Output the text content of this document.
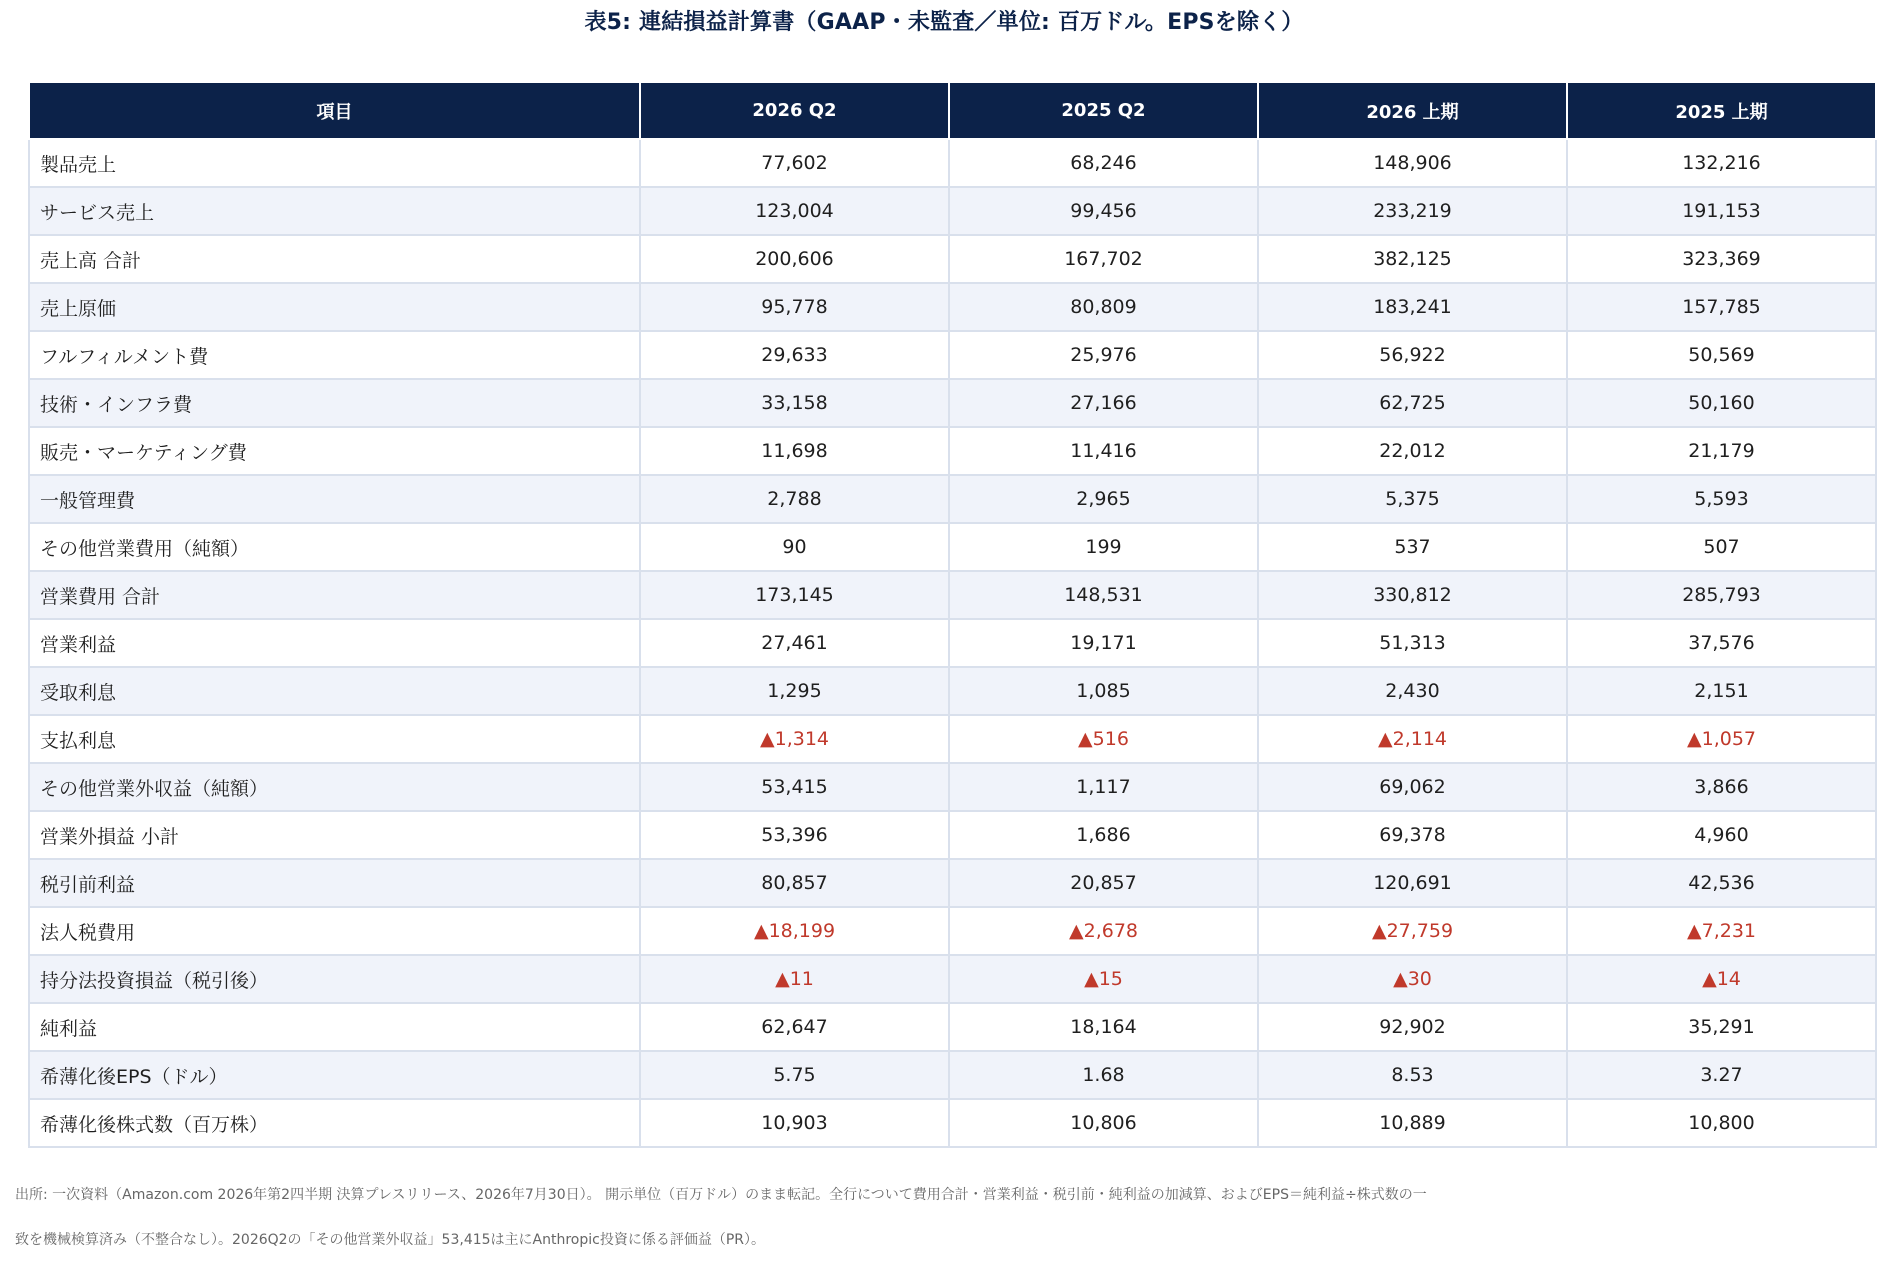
表5: 連結損益計算書（GAAP・未監査／単位: 百万ドル。EPSを除く）
項目	2026 Q2	2025 Q2	2026 上期	2025 上期
製品売上	77,602	68,246	148,906	132,216
サービス売上	123,004	99,456	233,219	191,153
売上高 合計	200,606	167,702	382,125	323,369
売上原価	95,778	80,809	183,241	157,785
フルフィルメント費	29,633	25,976	56,922	50,569
技術・インフラ費	33,158	27,166	62,725	50,160
販売・マーケティング費	11,698	11,416	22,012	21,179
一般管理費	2,788	2,965	5,375	5,593
その他営業費用（純額）	90	199	537	507
営業費用 合計	173,145	148,531	330,812	285,793
営業利益	27,461	19,171	51,313	37,576
受取利息	1,295	1,085	2,430	2,151
支払利息	▲ 1,314	▲ 516	▲ 2,114	▲ 1,057
その他営業外収益（純額）	53,415	1,117	69,062	3,866
営業外損益 小計	53,396	1,686	69,378	4,960
税引前利益	80,857	20,857	120,691	42,536
法人税費用	▲ 18,199	▲ 2,678	▲ 27,759	▲ 7,231
持分法投資損益（税引後）	▲ 11	▲ 15	▲ 30	▲ 14
純利益	62,647	18,164	92,902	35,291
希薄化後EPS（ドル）	5.75	1.68	8.53	3.27
希薄化後株式数（百万株）	10,903	10,806	10,889	10,800
出所: 一次資料（Amazon.com 2026年第2四半期 決算プレスリリース、2026年7月30日）。 開示単位（百万ドル）のまま転記。全行について費用合計・営業利益・税引前・純利益の加減算、およびEPS＝純利益÷株式数の一
致を機械検算済み（不整合なし）。2026Q2の「その他営業外収益」53,415は主にAnthropic投資に係る評価益（PR）。
